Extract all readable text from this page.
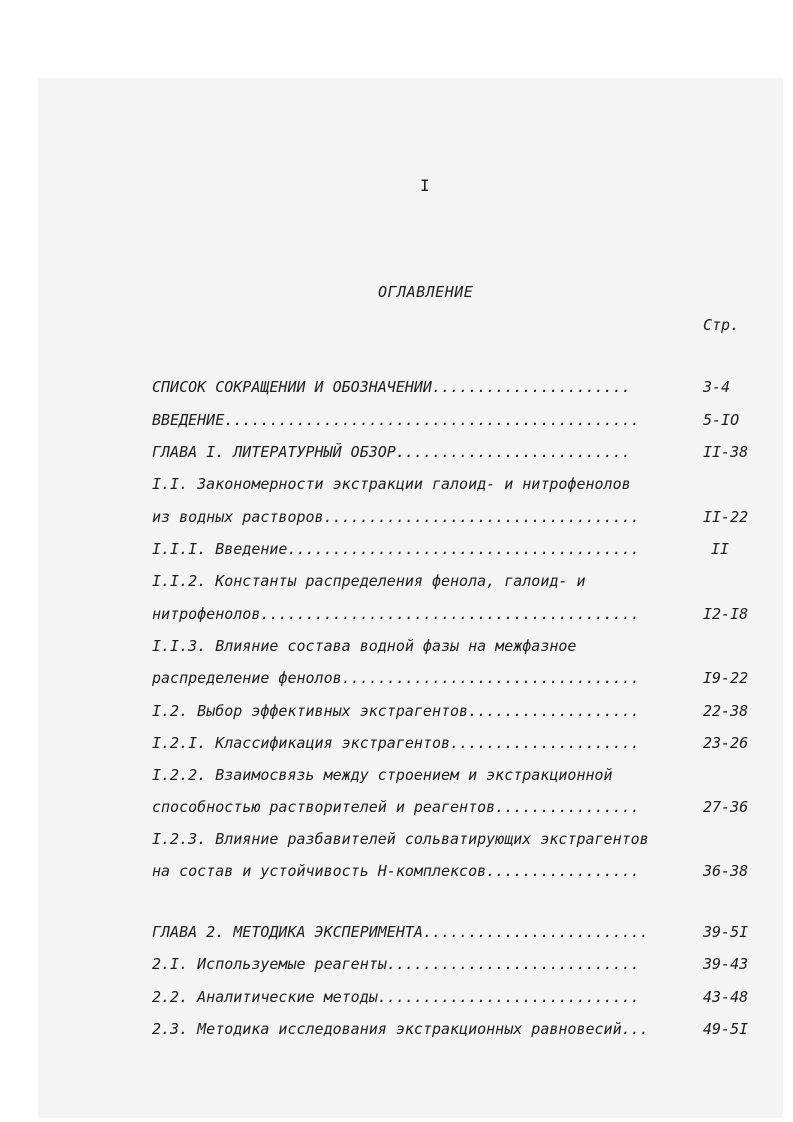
I
ОГЛАВЛЕНИЕ
Стр.
СПИСОК СОКРАЩЕНИИ И ОБОЗНАЧЕНИИ......................	3-4
ВВЕДЕНИЕ..............................................	5-IO
ГЛАВА I. ЛИТЕРАТУРНЫЙ ОБЗОР..........................	II-38
I.I. Закономерности экстракции галоид- и нитрофенолов
из водных растворов...................................	II-22
I.I.I. Введение.......................................	II
I.I.2. Константы распределения фенола, галоид- и
нитрофенолов..........................................	I2-I8
I.I.3. Влияние состава водной фазы на межфазное
распределение фенолов.................................	I9-22
I.2. Выбор эффективных экстрагентов...................	22-38
I.2.I. Классификация экстрагентов.....................	23-26
I.2.2. Взаимосвязь между строением и экстракционной
способностью растворителей и реагентов................	27-36
I.2.3. Влияние разбавителей сольватирующих экстрагентов
на состав и устойчивость Н-комплексов.................	36-38
ГЛАВА 2. МЕТОДИКА ЭКСПЕРИМЕНТА.........................	39-5I
2.I. Используемые реагенты............................	39-43
2.2. Аналитические методы.............................	43-48
2.3. Методика исследования экстракционных равновесий...	49-5I
